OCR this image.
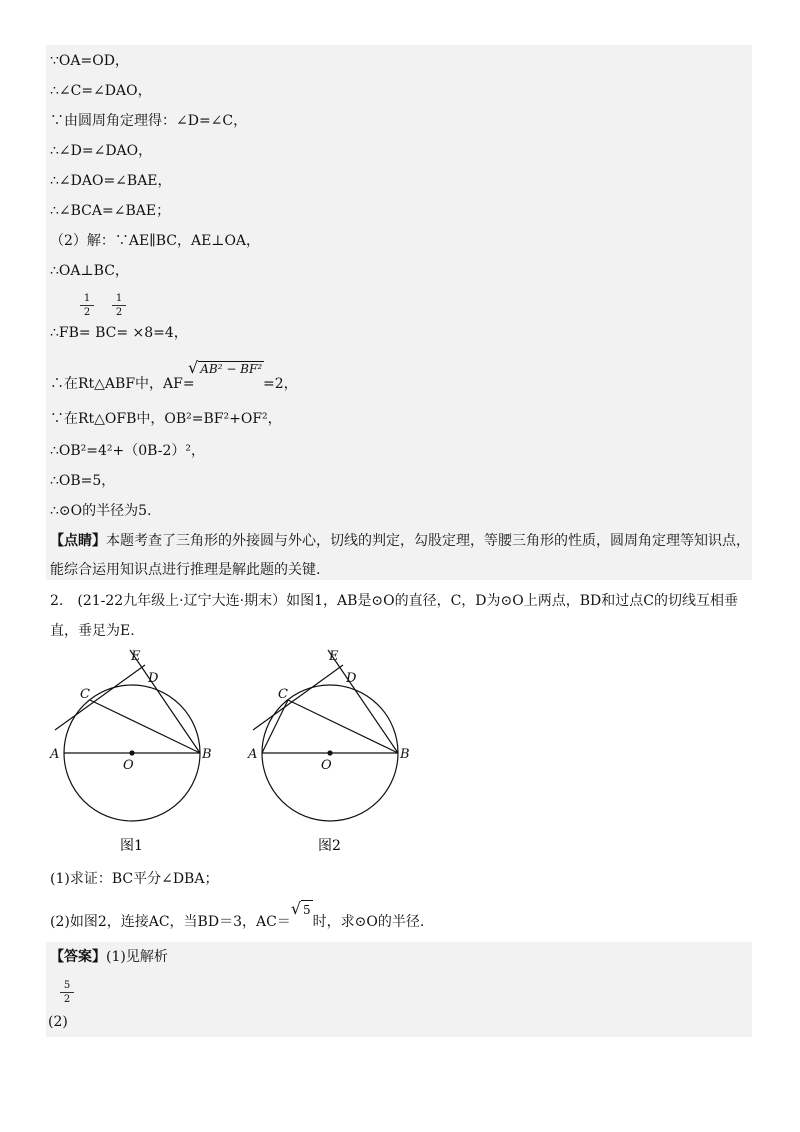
∵OA=OD，
∴∠C=∠DAO，
∵由圆周角定理得：∠D=∠C，
∴∠D=∠DAO，
∴∠DAO=∠BAE，
∴∠BCA=∠BAE；
（2）解：∵AE∥BC，AE⊥OA，
∴OA⊥BC，
1
2
1
2
∴FB= BC= ×8=4，
√ AB² − BF²
∴在Rt△ABF中，AF=	=2，
∵在Rt△OFB中，OB²=BF²+OF²，
∴OB²=4²+（0B-2）²，
∴OB=5，
∴⊙O的半径为5.
【点睛】本题考查了三角形的外接圆与外心，切线的判定，勾股定理，等腰三角形的性质，圆周角定理等知识点，
能综合运用知识点进行推理是解此题的关键.
2.　(21-22九年级上·辽宁大连·期末）如图1，AB是⊙O的直径，C，D为⊙O上两点，BD和过点C的切线互相垂
直，垂足为E.
A	B
C
D
E
O
图1
A	B
C
D
E
O
图2
(1)求证：BC平分∠DBA；
(2)如图2，连接AC，当BD＝3，AC＝√ 5时，求⊙O的半径.
【答案】(1)见解析
5
2
(2)
